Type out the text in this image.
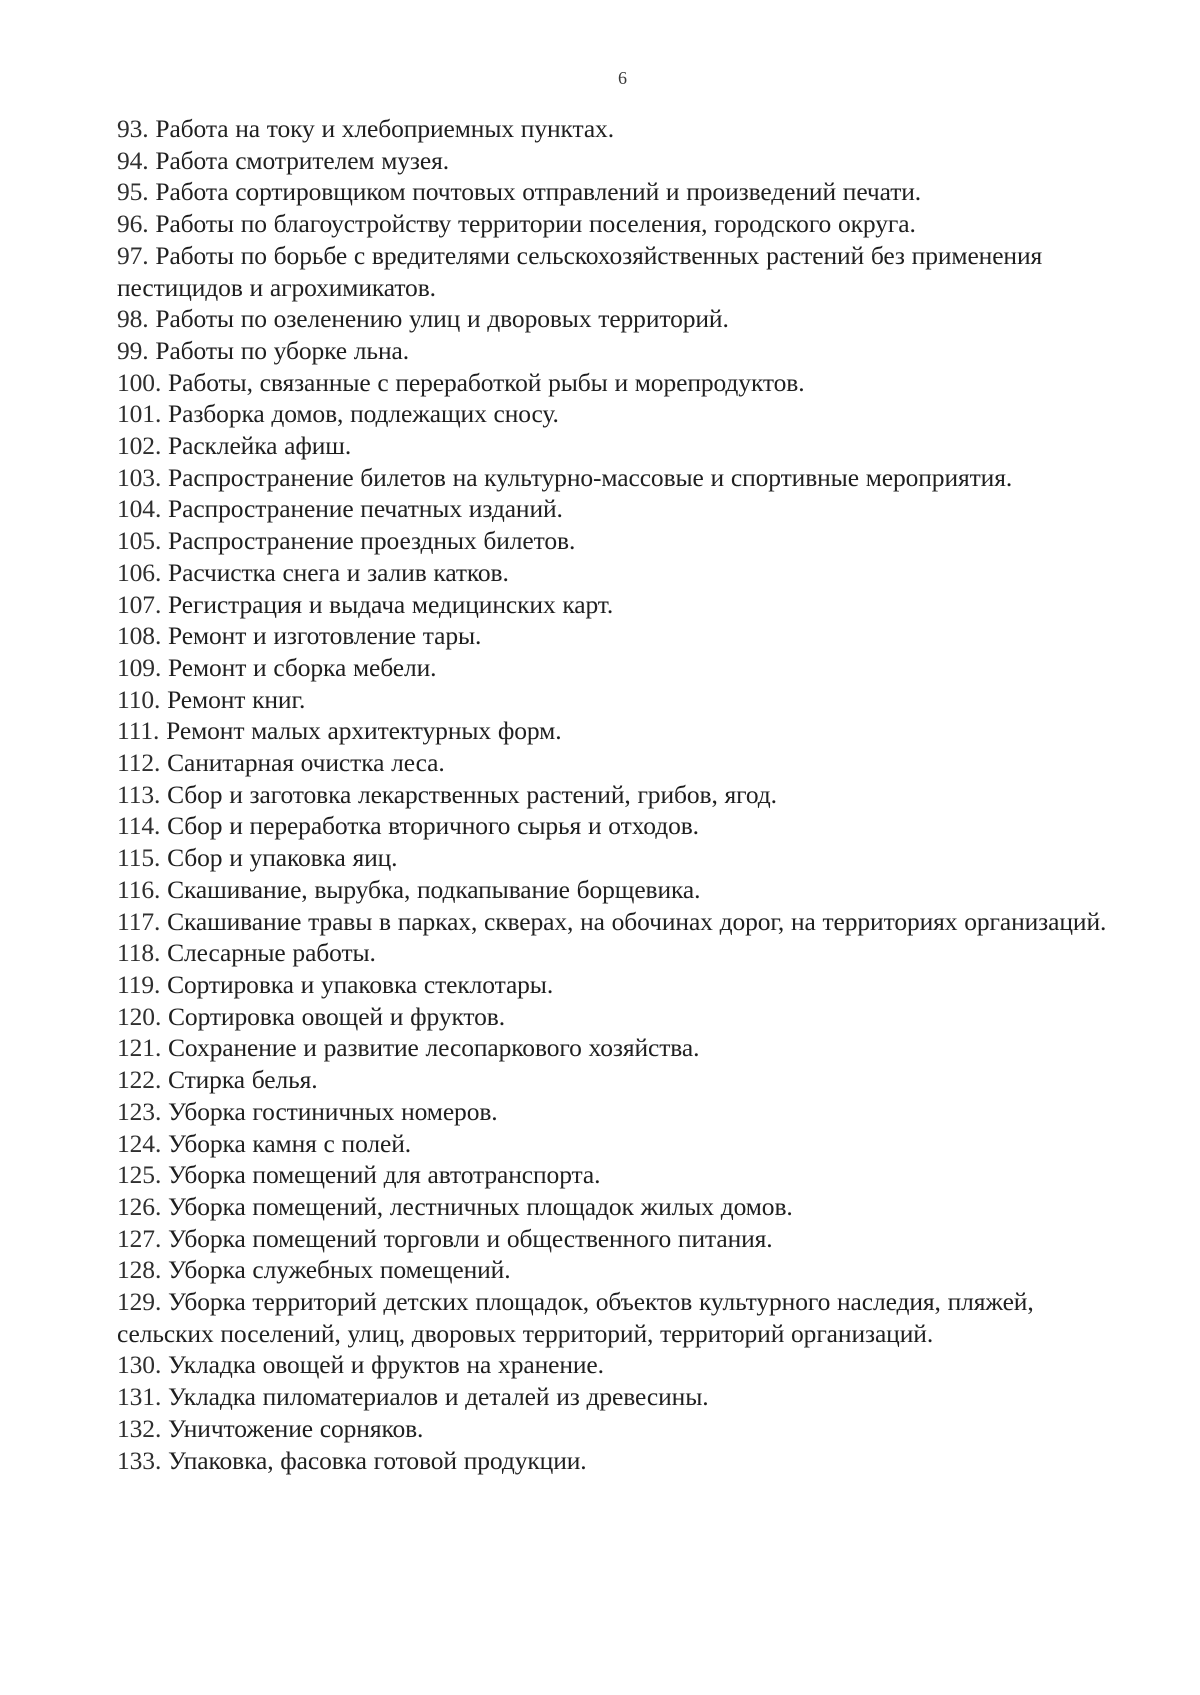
6
93. Работа на току и хлебоприемных пунктах.
94. Работа смотрителем музея.
95. Работа сортировщиком почтовых отправлений и произведений печати.
96. Работы по благоустройству территории поселения, городского округа.
97. Работы по борьбе с вредителями сельскохозяйственных растений без применения пестицидов и агрохимикатов.
98. Работы по озеленению улиц и дворовых территорий.
99. Работы по уборке льна.
100. Работы, связанные с переработкой рыбы и морепродуктов.
101. Разборка домов, подлежащих сносу.
102. Расклейка афиш.
103. Распространение билетов на культурно-массовые и спортивные мероприятия.
104. Распространение печатных изданий.
105. Распространение проездных билетов.
106. Расчистка снега и залив катков.
107. Регистрация и выдача медицинских карт.
108. Ремонт и изготовление тары.
109. Ремонт и сборка мебели.
110. Ремонт книг.
111. Ремонт малых архитектурных форм.
112. Санитарная очистка леса.
113. Сбор и заготовка лекарственных растений, грибов, ягод.
114. Сбор и переработка вторичного сырья и отходов.
115. Сбор и упаковка яиц.
116. Скашивание, вырубка, подкапывание борщевика.
117. Скашивание травы в парках, скверах, на обочинах дорог, на территориях организаций.
118. Слесарные работы.
119. Сортировка и упаковка стеклотары.
120. Сортировка овощей и фруктов.
121. Сохранение и развитие лесопаркового хозяйства.
122. Стирка белья.
123. Уборка гостиничных номеров.
124. Уборка камня с полей.
125. Уборка помещений для автотранспорта.
126. Уборка помещений, лестничных площадок жилых домов.
127. Уборка помещений торговли и общественного питания.
128. Уборка служебных помещений.
129. Уборка территорий детских площадок, объектов культурного наследия, пляжей, сельских поселений, улиц, дворовых территорий, территорий организаций.
130. Укладка овощей и фруктов на хранение.
131. Укладка пиломатериалов и деталей из древесины.
132. Уничтожение сорняков.
133. Упаковка, фасовка готовой продукции.
